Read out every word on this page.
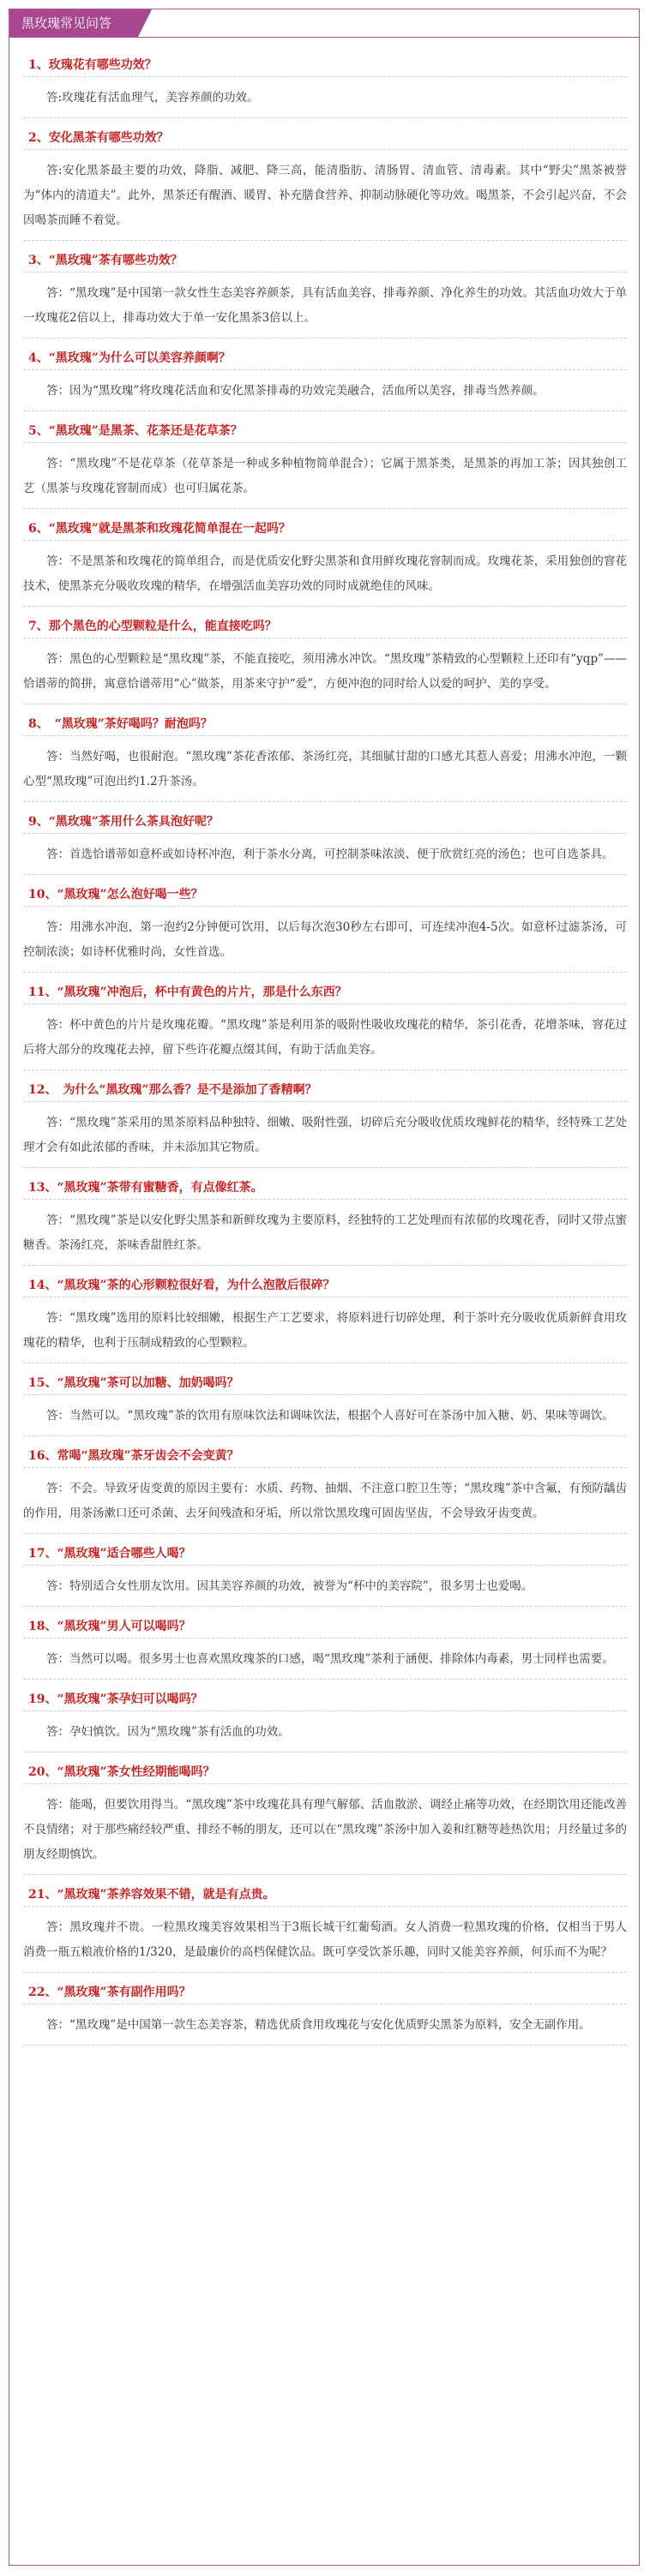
黑玫瑰常见问答

1、玫瑰花有哪些功效？

答:玫瑰花有活血理气，美容养颜的功效。

2、安化黑茶有哪些功效？

答:安化黑茶最主要的功效，降脂、减肥、降三高，能清脂肪、清肠胃、清血管、清毒素。其中“野尖”黑茶被誉为“体内的清道夫”。此外，黑茶还有醒酒、暖胃、补充膳食营养、抑制动脉硬化等功效。喝黑茶，不会引起兴奋，不会因喝茶而睡不着觉。

3、“黑玫瑰”茶有哪些功效？

答：“黑玫瑰”是中国第一款女性生态美容养颜茶，具有活血美容、排毒养颜、净化养生的功效。其活血功效大于单一玫瑰花2倍以上，排毒功效大于单一安化黑茶3倍以上。

4、“黑玫瑰”为什么可以美容养颜啊？

答：因为“黑玫瑰”将玫瑰花活血和安化黑茶排毒的功效完美融合，活血所以美容，排毒当然养颜。

5、“黑玫瑰”是黑茶、花茶还是花草茶？

答：“黑玫瑰”不是花草茶（花草茶是一种或多种植物简单混合）；它属于黑茶类，是黑茶的再加工茶；因其独创工艺（黑茶与玫瑰花窨制而成）也可归属花茶。

6、“黑玫瑰”就是黑茶和玫瑰花简单混在一起吗？

答：不是黑茶和玫瑰花的简单组合，而是优质安化野尖黑茶和食用鲜玫瑰花窨制而成。玫瑰花茶，采用独创的窨花技术，使黑茶充分吸收玫瑰的精华，在增强活血美容功效的同时成就绝佳的风味。

7、那个黑色的心型颗粒是什么，能直接吃吗？

答：黑色的心型颗粒是“黑玫瑰”茶，不能直接吃，须用沸水冲饮。“黑玫瑰”茶精致的心型颗粒上还印有“yqp”——恰谱蒂的简拼，寓意恰谱蒂用“心”做茶，用茶来守护“爱”，方便冲泡的同时给人以爱的呵护、美的享受。

8、　“黑玫瑰”茶好喝吗？耐泡吗？

答：当然好喝，也很耐泡。“黑玫瑰”茶花香浓郁、茶汤红亮，其细腻甘甜的口感尤其惹人喜爱；用沸水冲泡，一颗心型“黑玫瑰”可泡出约1.2升茶汤。

9、“黑玫瑰”茶用什么茶具泡好呢？

答：首选恰谱蒂如意杯或如诗杯冲泡，利于茶水分离，可控制茶味浓淡、便于欣赏红亮的汤色；也可自选茶具。

10、“黑玫瑰”怎么泡好喝一些？

答：用沸水冲泡，第一泡约2分钟便可饮用，以后每次泡30秒左右即可，可连续冲泡4-5次。如意杯过滤茶汤，可控制浓淡；如诗杯优雅时尚，女性首选。

11、“黑玫瑰”冲泡后，杯中有黄色的片片，那是什么东西？

答：杯中黄色的片片是玫瑰花瓣。“黑玫瑰”茶是利用茶的吸附性吸收玫瑰花的精华，茶引花香，花增茶味，窨花过后将大部分的玫瑰花去掉，留下些许花瓣点缀其间，有助于活血美容。

12、　为什么“黑玫瑰”那么香？是不是添加了香精啊？

答：“黑玫瑰”茶采用的黑茶原料品种独特、细嫩、吸附性强，切碎后充分吸收优质玫瑰鲜花的精华，经特殊工艺处理才会有如此浓郁的香味，并未添加其它物质。

13、“黑玫瑰”茶带有蜜糖香，有点像红茶。

答：“黑玫瑰”茶是以安化野尖黑茶和新鲜玫瑰为主要原料，经独特的工艺处理而有浓郁的玫瑰花香，同时又带点蜜糖香。茶汤红亮，茶味香甜胜红茶。

14、“黑玫瑰”茶的心形颗粒很好看，为什么泡散后很碎？

答：“黑玫瑰”选用的原料比较细嫩，根据生产工艺要求，将原料进行切碎处理，利于茶叶充分吸收优质新鲜食用玫瑰花的精华，也利于压制成精致的心型颗粒。

15、“黑玫瑰”茶可以加糖、加奶喝吗？

答：当然可以。“黑玫瑰”茶的饮用有原味饮法和调味饮法，根据个人喜好可在茶汤中加入糖、奶、果味等调饮。

16、常喝“黑玫瑰”茶牙齿会不会变黄？

答：不会。导致牙齿变黄的原因主要有：水质、药物、抽烟、不注意口腔卫生等；“黑玫瑰”茶中含氟，有预防龋齿的作用，用茶汤漱口还可杀菌、去牙间残渣和牙垢，所以常饮黑玫瑰可固齿坚齿，不会导致牙齿变黄。

17、“黑玫瑰”适合哪些人喝？

答：特别适合女性朋友饮用。因其美容养颜的功效，被誉为“杯中的美容院”，很多男士也爱喝。

18、“黑玫瑰”男人可以喝吗？

答：当然可以喝。很多男士也喜欢黑玫瑰茶的口感，喝“黑玫瑰”茶利于涵便、排除体内毒素，男士同样也需要。

19、“黑玫瑰”茶孕妇可以喝吗？

答：孕妇慎饮。因为“黑玫瑰”茶有活血的功效。

20、“黑玫瑰”茶女性经期能喝吗？

答：能喝，但要饮用得当。“黑玫瑰”茶中玫瑰花具有理气解郁、活血散淤、调经止痛等功效，在经期饮用还能改善不良情绪；对于那些痛经较严重、排经不畅的朋友，还可以在“黑玫瑰”茶汤中加入姜和红糖等趁热饮用；月经量过多的朋友经期慎饮。

21、“黑玫瑰”茶养容效果不错，就是有点贵。

答：黑玫瑰并不贵。一粒黑玫瑰美容效果相当于3瓶长城干红葡萄酒。女人消费一粒黑玫瑰的价格，仅相当于男人消费一瓶五粮液价格的1/320，是最廉价的高档保健饮品。既可享受饮茶乐趣，同时又能美容养颜，何乐而不为呢？

22、“黑玫瑰”茶有副作用吗？

答：“黑玫瑰”是中国第一款生态美容茶，精选优质食用玫瑰花与安化优质野尖黑茶为原料，安全无副作用。
